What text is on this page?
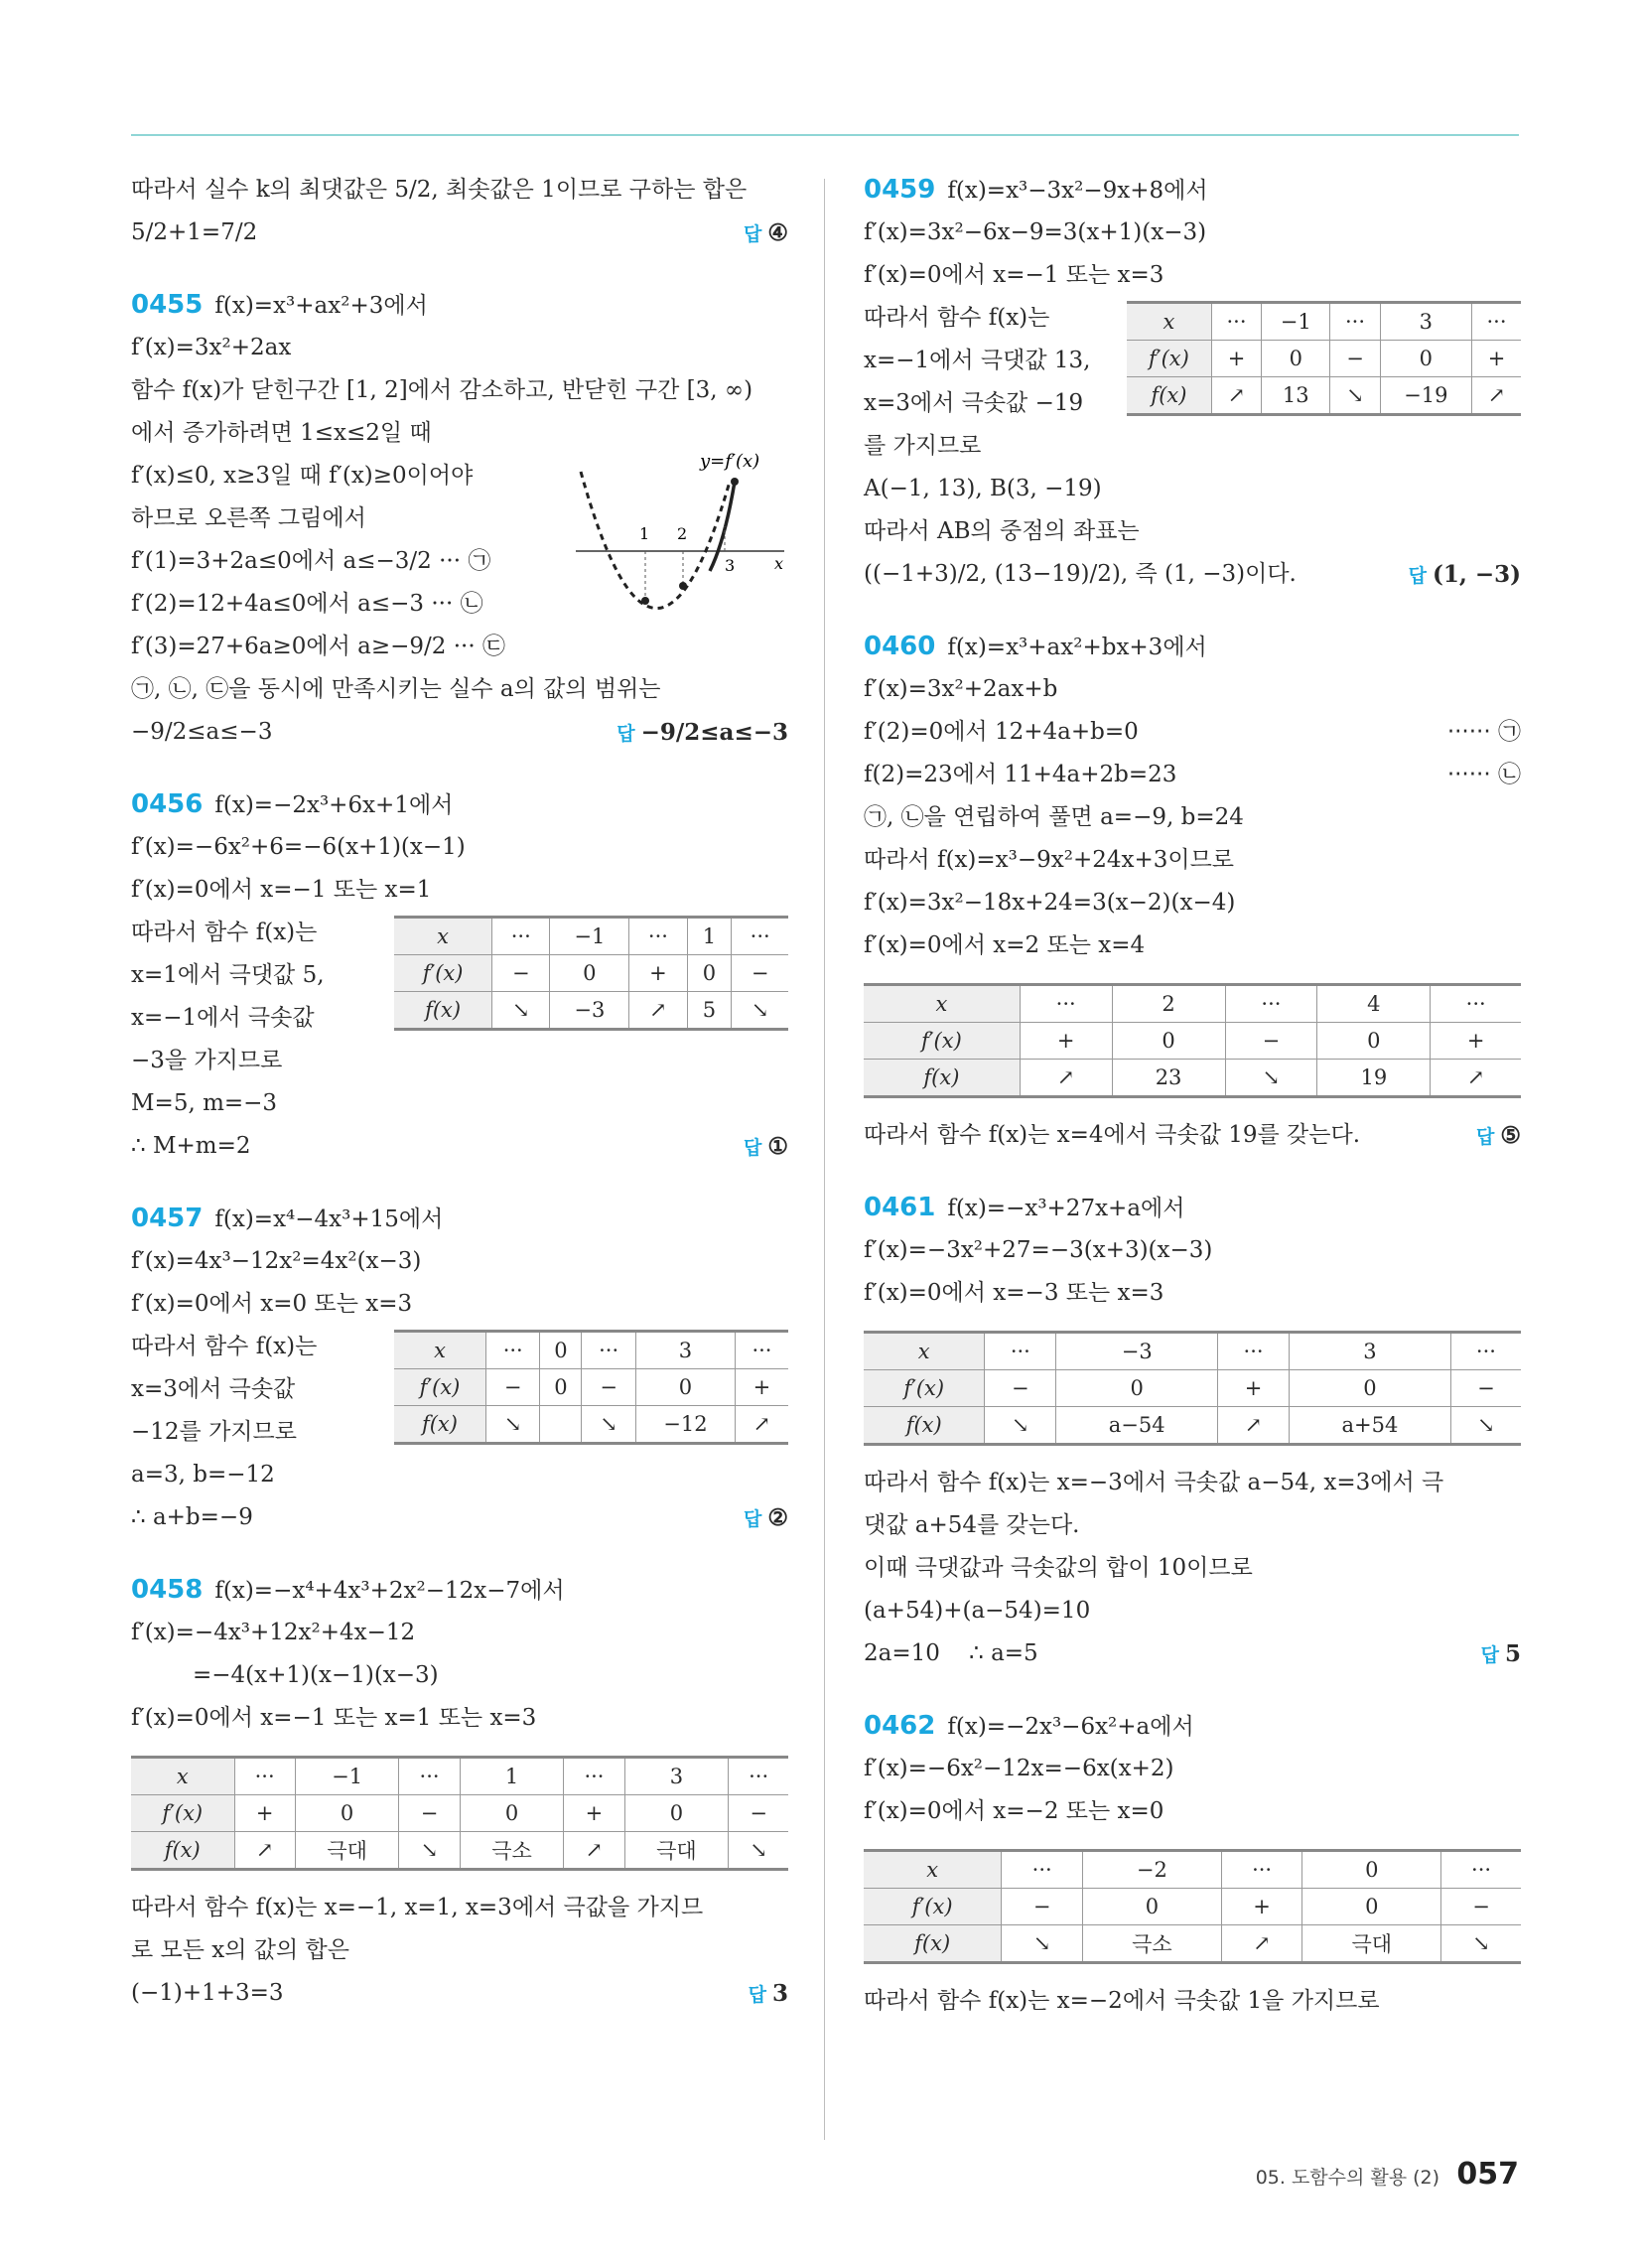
따라서 실수 k의 최댓값은 5/2, 최솟값은 1이므로 구하는 합은
5/2+1=7/2	답 ④
0455 f(x)=x³+ax²+3에서
f′(x)=3x²+2ax
함수 f(x)가 닫힌구간 [1, 2]에서 감소하고, 반닫힌 구간 [3, ∞)
에서 증가하려면 1≤x≤2일 때
f′(x)≤0, x≥3일 때 f′(x)≥0이어야
하므로 오른쪽 그림에서
f′(1)=3+2a≤0에서 a≤−3/2 ··· ㉠
f′(2)=12+4a≤0에서 a≤−3 ··· ㉡
f′(3)=27+6a≥0에서 a≥−9/2 ··· ㉢
㉠, ㉡, ㉢을 동시에 만족시키는 실수 a의 값의 범위는
−9/2≤a≤−3	답 −9/2≤a≤−3
0456 f(x)=−2x³+6x+1에서
f′(x)=−6x²+6=−6(x+1)(x−1)
f′(x)=0에서 x=−1 또는 x=1
따라서 함수 f(x)는
x=1에서 극댓값 5,
x=−1에서 극솟값
−3을 가지므로
M=5, m=−3
∴ M+m=2	답 ①
x	···	−1	···	1	···
f′(x)	−	0	+	0	−
f(x)	↘	−3	↗	5	↘
0457 f(x)=x⁴−4x³+15에서
f′(x)=4x³−12x²=4x²(x−3)
f′(x)=0에서 x=0 또는 x=3
따라서 함수 f(x)는
x=3에서 극솟값
−12를 가지므로
a=3, b=−12
∴ a+b=−9	답 ②
x	···	0	···	3	···
f′(x)	−	0	−	0	+
f(x)	↘		↘	−12	↗
0458 f(x)=−x⁴+4x³+2x²−12x−7에서
f′(x)=−4x³+12x²+4x−12
=−4(x+1)(x−1)(x−3)
f′(x)=0에서 x=−1 또는 x=1 또는 x=3
x	···	−1	···	1	···	3	···
f′(x)	+	0	−	0	+	0	−
f(x)	↗	극대	↘	극소	↗	극대	↘
따라서 함수 f(x)는 x=−1, x=1, x=3에서 극값을 가지므
로 모든 x의 값의 합은
(−1)+1+3=3	답 3
y=f′(x)
1 2
3 x
0459 f(x)=x³−3x²−9x+8에서
f′(x)=3x²−6x−9=3(x+1)(x−3)
f′(x)=0에서 x=−1 또는 x=3
따라서 함수 f(x)는
x=−1에서 극댓값 13,
x=3에서 극솟값 −19
를 가지므로
x	···	−1	···	3	···
f′(x)	+	0	−	0	+
f(x)	↗	13	↘	−19	↗
A(−1, 13), B(3, −19)
따라서 AB의 중점의 좌표는
((−1+3)/2, (13−19)/2), 즉 (1, −3)이다.	답 (1, −3)
0460 f(x)=x³+ax²+bx+3에서
f′(x)=3x²+2ax+b
f′(2)=0에서 12+4a+b=0	······ ㉠
f(2)=23에서 11+4a+2b=23	······ ㉡
㉠, ㉡을 연립하여 풀면 a=−9, b=24
따라서 f(x)=x³−9x²+24x+3이므로
f′(x)=3x²−18x+24=3(x−2)(x−4)
f′(x)=0에서 x=2 또는 x=4
x	···	2	···	4	···
f′(x)	+	0	−	0	+
f(x)	↗	23	↘	19	↗
따라서 함수 f(x)는 x=4에서 극솟값 19를 갖는다.	답 ⑤
0461 f(x)=−x³+27x+a에서
f′(x)=−3x²+27=−3(x+3)(x−3)
f′(x)=0에서 x=−3 또는 x=3
x	···	−3	···	3	···
f′(x)	−	0	+	0	−
f(x)	↘	a−54	↗	a+54	↘
따라서 함수 f(x)는 x=−3에서 극솟값 a−54, x=3에서 극
댓값 a+54를 갖는다.
이때 극댓값과 극솟값의 합이 10이므로
(a+54)+(a−54)=10
2a=10    ∴ a=5	답 5
0462 f(x)=−2x³−6x²+a에서
f′(x)=−6x²−12x=−6x(x+2)
f′(x)=0에서 x=−2 또는 x=0
x	···	−2	···	0	···
f′(x)	−	0	+	0	−
f(x)	↘	극소	↗	극대	↘
따라서 함수 f(x)는 x=−2에서 극솟값 1을 가지므로
05. 도함수의 활용 (2) 057
